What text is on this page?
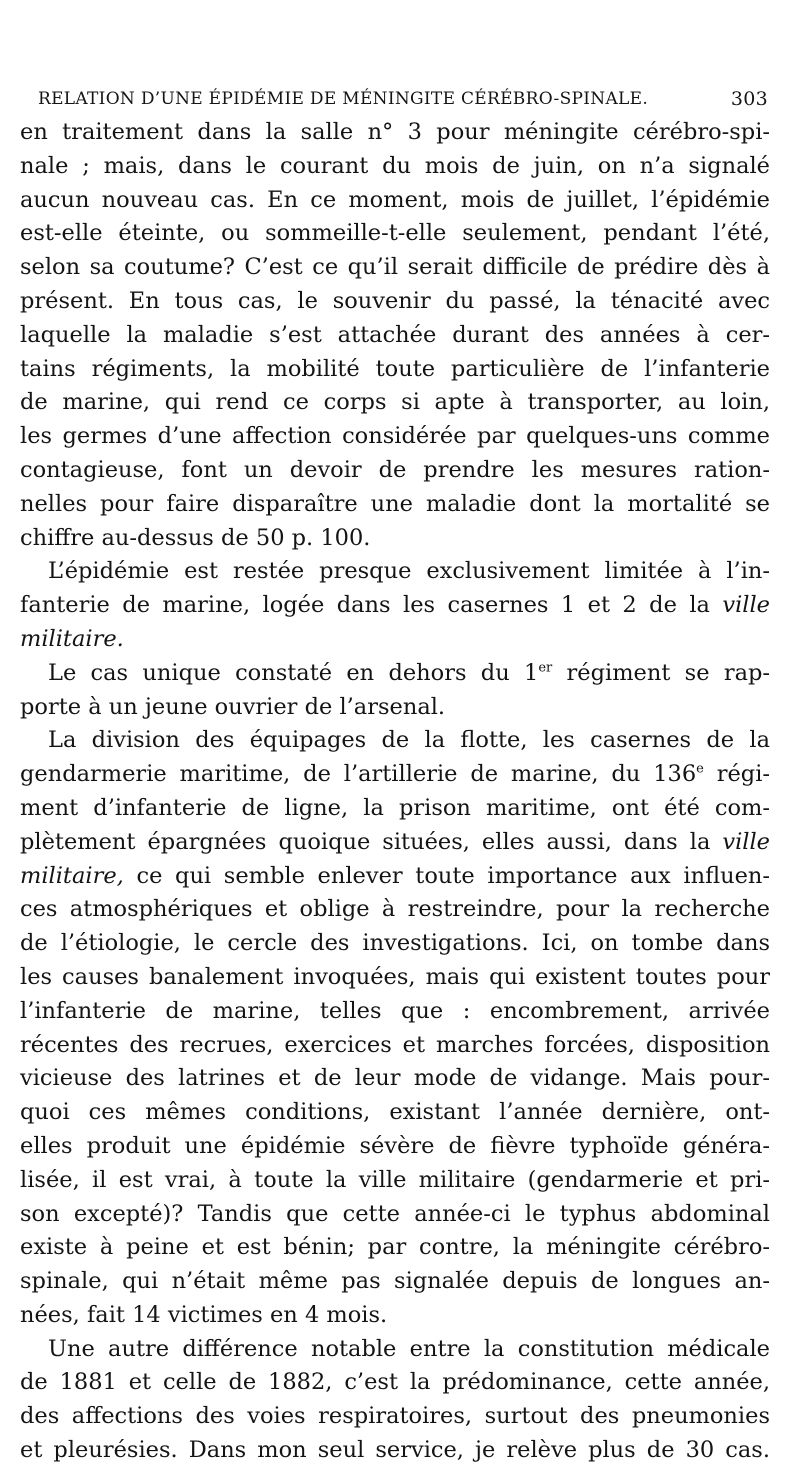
RELATION D’UNE ÉPIDÉMIE DE MÉNINGITE CÉRÉBRO-SPINALE.	303
en traitement dans la salle n° 3 pour méningite cérébro-spi-
nale ; mais, dans le courant du mois de juin, on n’a signalé
aucun nouveau cas. En ce moment, mois de juillet, l’épidémie
est-elle éteinte, ou sommeille-t-elle seulement, pendant l’été,
selon sa coutume? C’est ce qu’il serait difficile de prédire dès à
présent. En tous cas, le souvenir du passé, la ténacité avec
laquelle la maladie s’est attachée durant des années à cer-
tains régiments, la mobilité toute particulière de l’infanterie
de marine, qui rend ce corps si apte à transporter, au loin,
les germes d’une affection considérée par quelques-uns comme
contagieuse, font un devoir de prendre les mesures ration-
nelles pour faire disparaître une maladie dont la mortalité se
chiffre au-dessus de 50 p. 100.
L’épidémie est restée presque exclusivement limitée à l’in-
fanterie de marine, logée dans les casernes 1 et 2 de la ville
militaire.
Le cas unique constaté en dehors du 1er régiment se rap-
porte à un jeune ouvrier de l’arsenal.
La division des équipages de la flotte, les casernes de la
gendarmerie maritime, de l’artillerie de marine, du 136e régi-
ment d’infanterie de ligne, la prison maritime, ont été com-
plètement épargnées quoique situées, elles aussi, dans la ville
militaire, ce qui semble enlever toute importance aux influen-
ces atmosphériques et oblige à restreindre, pour la recherche
de l’étiologie, le cercle des investigations. Ici, on tombe dans
les causes banalement invoquées, mais qui existent toutes pour
l’infanterie de marine, telles que : encombrement, arrivée
récentes des recrues, exercices et marches forcées, disposition
vicieuse des latrines et de leur mode de vidange. Mais pour-
quoi ces mêmes conditions, existant l’année dernière, ont-
elles produit une épidémie sévère de fièvre typhoïde généra-
lisée, il est vrai, à toute la ville militaire (gendarmerie et pri-
son excepté)? Tandis que cette année-ci le typhus abdominal
existe à peine et est bénin; par contre, la méningite cérébro-
spinale, qui n’était même pas signalée depuis de longues an-
nées, fait 14 victimes en 4 mois.
Une autre différence notable entre la constitution médicale
de 1881 et celle de 1882, c’est la prédominance, cette année,
des affections des voies respiratoires, surtout des pneumonies
et pleurésies. Dans mon seul service, je relève plus de 30 cas.
